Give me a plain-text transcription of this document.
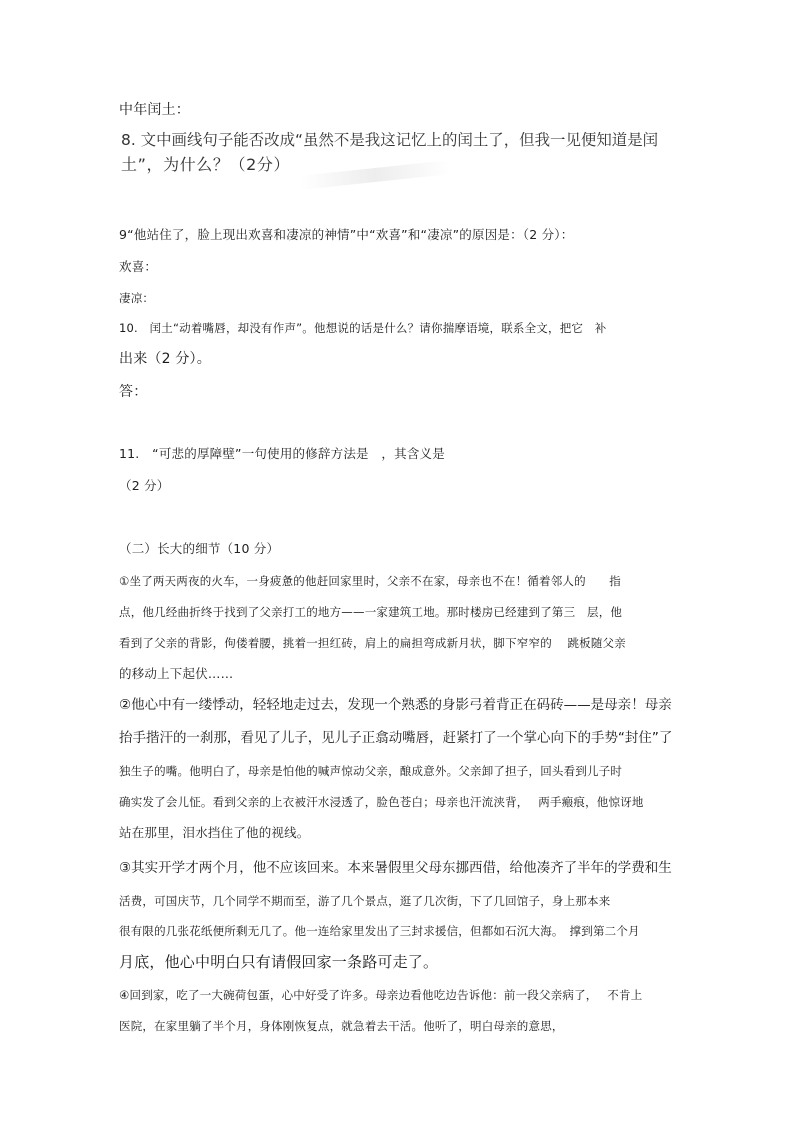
中年闰土：
8. 文中画线句子能否改成“虽然不是我这记忆上的闰土了，但我一见便知道是闰
土”，为什么？（2分）
9“他站住了，脸上现出欢喜和凄凉的神情”中“欢喜”和“凄凉”的原因是：（2 分）：
欢喜：
凄凉：
10.　闰土“动着嘴唇，却没有作声”。他想说的话是什么？请你揣摩语境，联系全文，把它　补
出来（2 分）。
答：
11.　“可悲的厚障壁”一句使用的修辞方法是　，其含义是
（2 分）
（二）长大的细节（10 分）
①坐了两天两夜的火车，一身疲惫的他赶回家里时，父亲不在家，母亲也不在！循着邻人的　　指
点，他几经曲折终于找到了父亲打工的地方——一家建筑工地。那时楼房已经建到了第三　层，他
看到了父亲的背影，佝偻着腰，挑着一担红砖，肩上的扁担弯成新月状，脚下窄窄的　 跳板随父亲
的移动上下起伏……
②他心中有一缕悸动，轻轻地走过去，发现一个熟悉的身影弓着背正在码砖——是母亲！母亲
抬手揩汗的一刹那，看见了儿子，见儿子正翕动嘴唇，赶紧打了一个掌心向下的手势“封住”了
独生子的嘴。他明白了，母亲是怕他的喊声惊动父亲，酿成意外。父亲卸了担子，回头看到儿子时
确实发了会儿怔。看到父亲的上衣被汗水浸透了，脸色苍白；母亲也汗流浃背，　 两手瘢痕，他惊讶地
站在那里，泪水挡住了他的视线。
③其实开学才两个月，他不应该回来。本来暑假里父母东挪西借，给他凑齐了半年的学费和生
活费，可国庆节，几个同学不期而至，游了几个景点，逛了几次街，下了几回馆子，身上那本来
很有限的几张花纸便所剩无几了。他一连给家里发出了三封求援信，但都如石沉大海。　撑到第二个月
月底，他心中明白只有请假回家一条路可走了。
④回到家，吃了一大碗荷包蛋，心中好受了许多。母亲边看他吃边告诉他：前一段父亲病了，　 不肯上
医院，在家里躺了半个月，身体刚恢复点，就急着去干活。他听了，明白母亲的意思，
